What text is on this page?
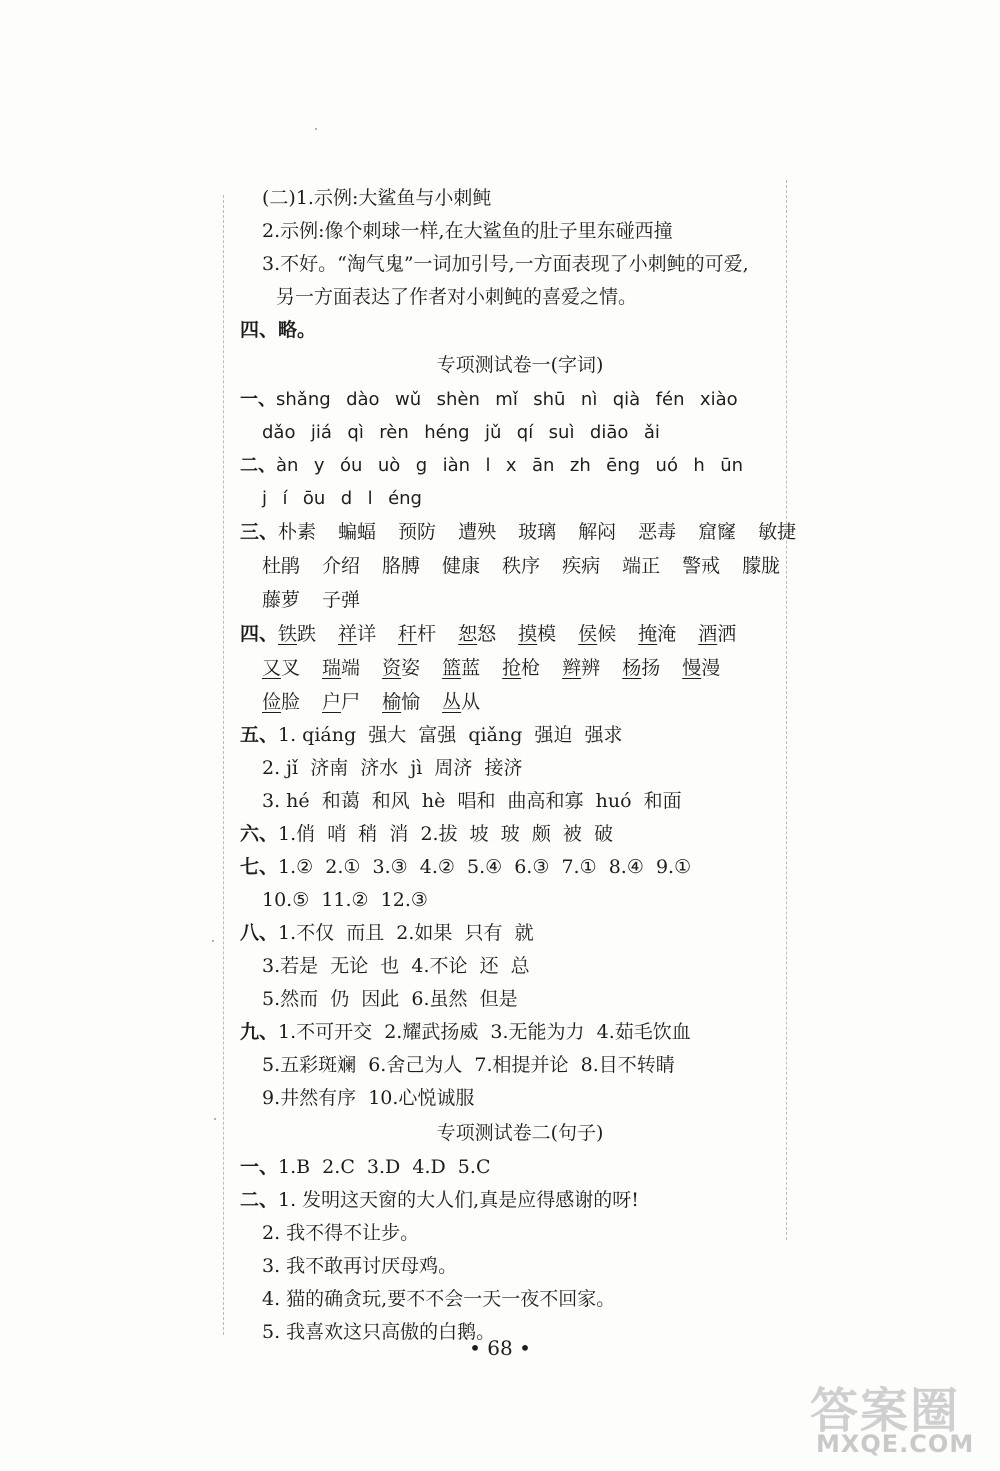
(二)1.示例:大鲨鱼与小刺鲀
2.示例:像个刺球一样,在大鲨鱼的肚子里东碰西撞
3.不好。“淘气鬼”一词加引号,一方面表现了小刺鲀的可爱,
另一方面表达了作者对小刺鲀的喜爱之情。
四、略。
专项测试卷一(字词)
一、shǎng  dào  wǔ  shèn  mǐ  shū  nì  qià  fén  xiào
dǎo  jiá  qì  rèn  héng  jǔ  qí  suì  diāo  ǎi
二、àn  y  óu  uò  g  iàn  l  x  ān  zh  ēng  uó  h  ūn
j  í  ōu  d  l  éng
三、朴素 蝙蝠 预防 遭殃 玻璃 解闷 恶毒 窟窿 敏捷
杜鹃 介绍 胳膊 健康 秩序 疾病 端正 警戒 朦胧
藤萝 子弹
四、铁跌 祥详 秆杆 恕怒 摸模 侯候 掩淹 酒洒
又叉 瑞端 资姿 篮蓝 抢枪 辫辨 杨扬 慢漫
俭脸 户尸 榆愉 丛从
五、1. qiáng  强大  富强  qiǎng  强迫  强求
2. jǐ  济南  济水  jì  周济  接济
3. hé  和蔼  和风  hè  唱和  曲高和寡  huó  和面
六、1.俏  哨  稍  消  2.拔  坡  玻  颇  被  破
七、1.②  2.①  3.③  4.②  5.④  6.③  7.①  8.④  9.①
10.⑤  11.②  12.③
八、1.不仅  而且  2.如果  只有  就
3.若是  无论  也  4.不论  还  总
5.然而  仍  因此  6.虽然  但是
九、1.不可开交  2.耀武扬威  3.无能为力  4.茹毛饮血
5.五彩斑斓  6.舍己为人  7.相提并论  8.目不转睛
9.井然有序  10.心悦诚服
专项测试卷二(句子)
一、1.B  2.C  3.D  4.D  5.C
二、1. 发明这天窗的大人们,真是应得感谢的呀!
2. 我不得不让步。
3. 我不敢再讨厌母鸡。
4. 猫的确贪玩,要不不会一天一夜不回家。
5. 我喜欢这只高傲的白鹅。
• 68 •
答案圈
MXQE.COM
